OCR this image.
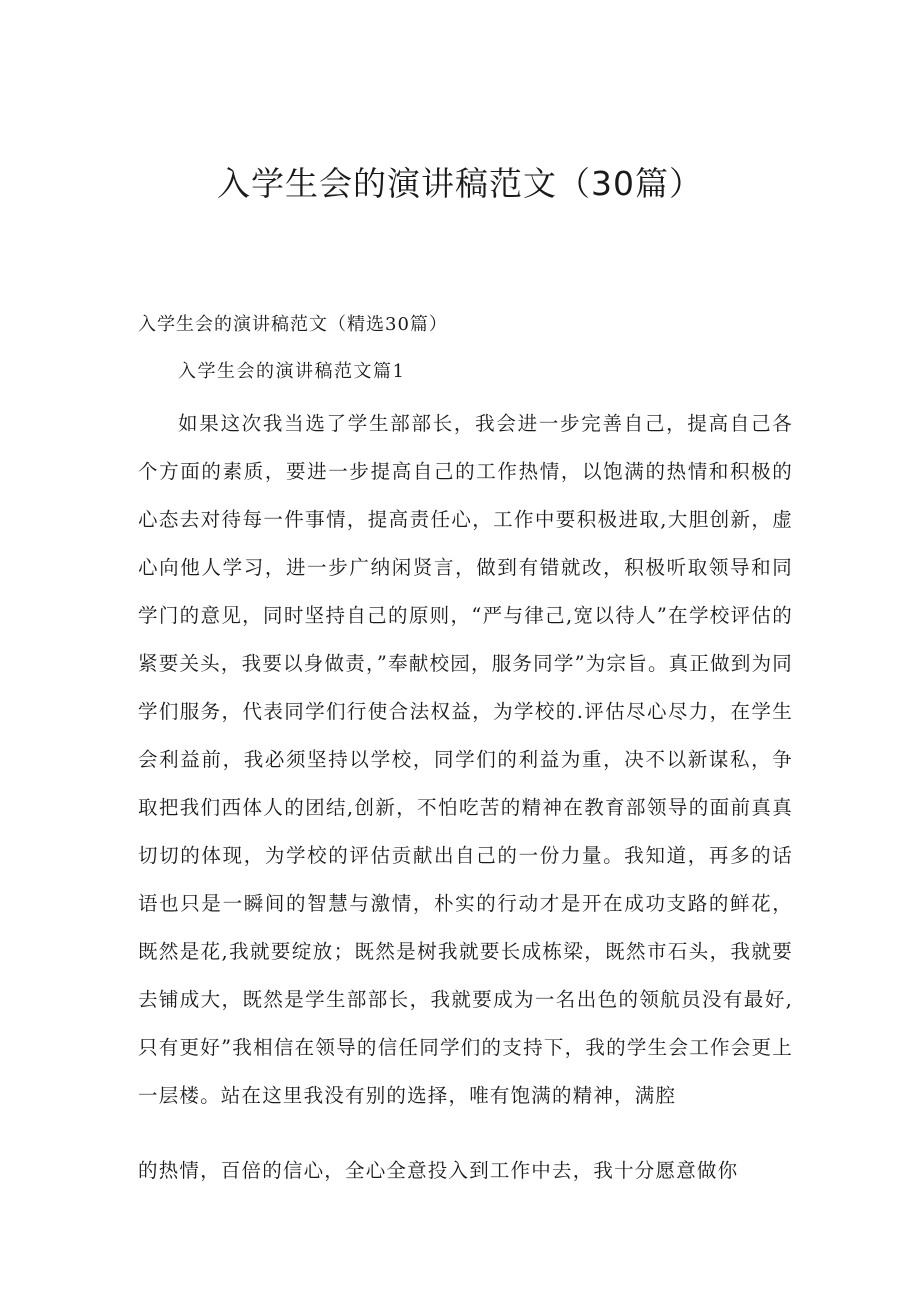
入学生会的演讲稿范文（30篇）

入学生会的演讲稿范文（精选30篇）

入学生会的演讲稿范文篇1

如果这次我当选了学生部部长，我会进一步完善自己，提高自己各个方面的素质，要进一步提高自己的工作热情，以饱满的热情和积极的心态去对待每一件事情，提高责任心，工作中要积极进取,大胆创新，虚心向他人学习，进一步广纳闲贤言，做到有错就改，积极听取领导和同学门的意见，同时坚持自己的原则，“严与律己,宽以待人”在学校评估的紧要关头，我要以身做责，”奉献校园，服务同学”为宗旨。真正做到为同学们服务，代表同学们行使合法权益，为学校的.评估尽心尽力，在学生会利益前，我必须坚持以学校，同学们的利益为重，决不以新谋私，争取把我们西体人的团结,创新，不怕吃苦的精神在教育部领导的面前真真切切的体现，为学校的评估贡献出自己的一份力量。我知道，再多的话语也只是一瞬间的智慧与激情，朴实的行动才是开在成功支路的鲜花，既然是花,我就要绽放；既然是树我就要长成栋梁，既然市石头，我就要去铺成大，既然是学生部部长，我就要成为一名出色的领航员没有最好,只有更好”我相信在领导的信任同学们的支持下，我的学生会工作会更上一层楼。站在这里我没有别的选择，唯有饱满的精神，满腔

的热情，百倍的信心，全心全意投入到工作中去，我十分愿意做你
